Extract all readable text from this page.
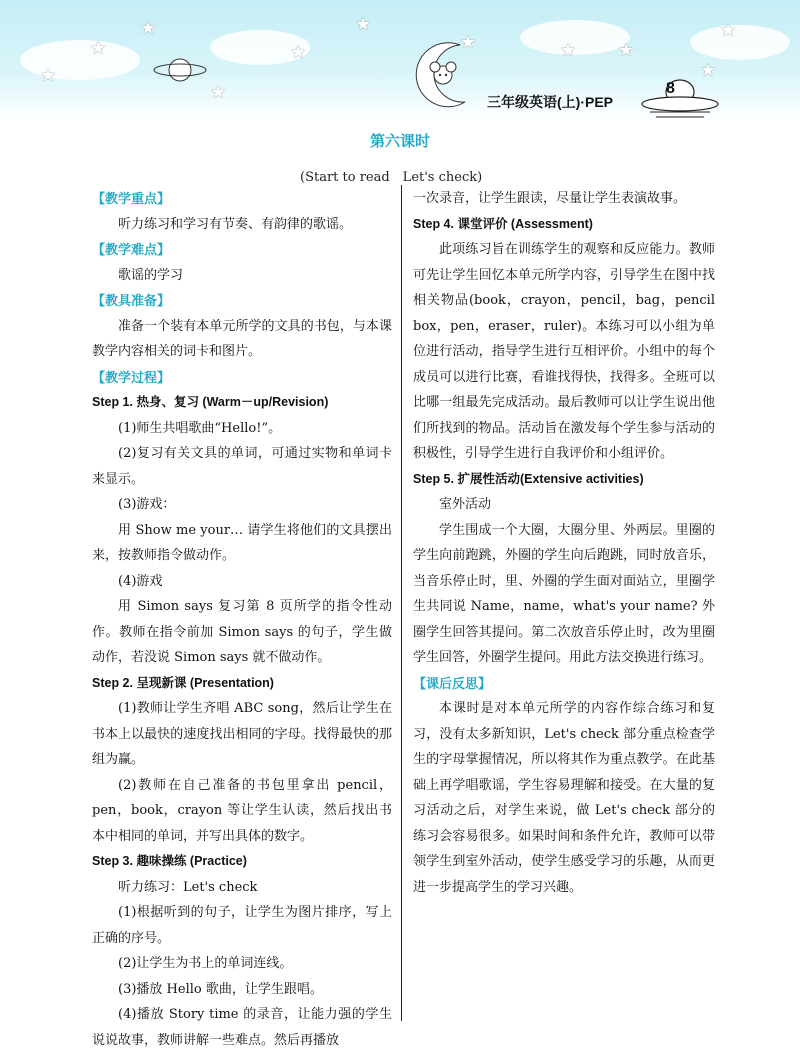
★
★
★
★
★
★
★	★ ★
★
★
8
三年级英语(上)·PEP
第六课时
(Start to read　Let's check)
【教学重点】
听力练习和学习有节奏、有韵律的歌谣。
【教学难点】
歌谣的学习
【教具准备】
准备一个装有本单元所学的文具的书包，与本课教学内容相关的词卡和图片。
【教学过程】
Step 1. 热身、复习 (Warm－up/Revision)
(1)师生共唱歌曲“Hello!”。
(2)复习有关文具的单词，可通过实物和单词卡来显示。
(3)游戏：
用 Show me your… 请学生将他们的文具摆出来，按教师指令做动作。
(4)游戏
用 Simon says 复习第 8 页所学的指令性动作。教师在指令前加 Simon says 的句子，学生做动作，若没说 Simon says 就不做动作。
Step 2. 呈现新课 (Presentation)
(1)教师让学生齐唱 ABC song，然后让学生在书本上以最快的速度找出相同的字母。找得最快的那组为赢。
(2)教师在自己准备的书包里拿出 pencil，pen，book，crayon 等让学生认读，然后找出书本中相同的单词，并写出具体的数字。
Step 3. 趣味操练 (Practice)
听力练习：Let's check
(1)根据听到的句子，让学生为图片排序，写上正确的序号。
(2)让学生为书上的单词连线。
(3)播放 Hello 歌曲，让学生跟唱。
(4)播放 Story time 的录音，让能力强的学生说说故事，教师讲解一些难点。然后再播放
一次录音，让学生跟读，尽量让学生表演故事。
Step 4. 课堂评价 (Assessment)
此项练习旨在训练学生的观察和反应能力。教师可先让学生回忆本单元所学内容，引导学生在图中找相关物品(book，crayon，pencil，bag，pencil box，pen，eraser，ruler)。本练习可以小组为单位进行活动，指导学生进行互相评价。小组中的每个成员可以进行比赛，看谁找得快，找得多。全班可以比哪一组最先完成活动。最后教师可以让学生说出他们所找到的物品。活动旨在激发每个学生参与活动的积极性，引导学生进行自我评价和小组评价。
Step 5. 扩展性活动(Extensive activities)
室外活动
学生围成一个大圈，大圈分里、外两层。里圈的学生向前跑跳，外圈的学生向后跑跳，同时放音乐，当音乐停止时，里、外圈的学生面对面站立，里圈学生共同说 Name，name，what's your name? 外圈学生回答其提问。第二次放音乐停止时，改为里圈学生回答，外圈学生提问。用此方法交换进行练习。
【课后反思】
本课时是对本单元所学的内容作综合练习和复习，没有太多新知识，Let's check 部分重点检查学生的字母掌握情况，所以将其作为重点教学。在此基础上再学唱歌谣，学生容易理解和接受。在大量的复习活动之后，对学生来说，做 Let's check 部分的练习会容易很多。如果时间和条件允许，教师可以带领学生到室外活动，使学生感受学习的乐趣，从而更进一步提高学生的学习兴趣。
